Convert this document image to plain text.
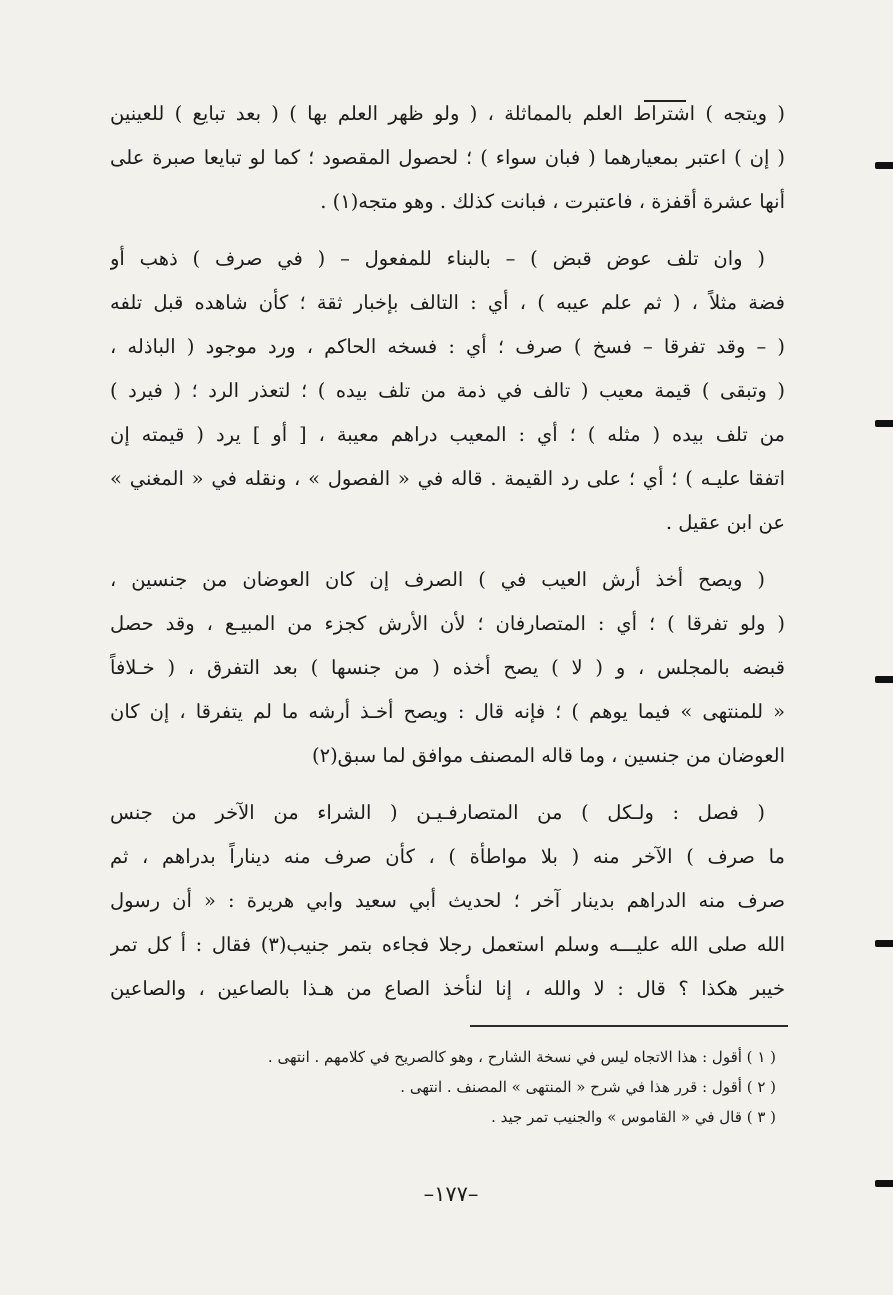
( ويتجه ) اشتراط العلم بالمماثلة ، ( ولو ظهر العلم بها ) ( بعد تبايع ) للعينين
( إن ) اعتبر بمعيارهما ( فبان سواء ) ؛ لحصول المقصود ؛ كما لو تبايعا صبرة على
أنها عشرة أقفزة ، فاعتبرت ، فبانت كذلك . وهو متجه(١) .
( وان تلف عوض قبض ) – بالبناء للمفعول – ( في صرف ) ذهب أو
فضة مثلاً ، ( ثم علم عيبه ) ، أي : التالف بإخبار ثقة ؛ كأن شاهده قبل تلفه
( – وقد تفرقا – فسخ ) صرف ؛ أي : فسخه الحاكم ، ورد موجود ( الباذله ،
( وتبقى ) قيمة معيب ( تالف في ذمة من تلف بيده ) ؛ لتعذر الرد ؛ ( فيرد )
من تلف بيده ( مثله ) ؛ أي : المعيب دراهم معيبة ، [ أو ] يرد ( قيمته إن
اتفقا عليـه ) ؛ أي ؛ على رد القيمة . قاله في « الفصول » ، ونقله في « المغني »
عن ابن عقيل .
( ويصح أخذ أرش العيب في ) الصرف إن كان العوضان من جنسين ،
( ولو تفرقا ) ؛ أي : المتصارفان ؛ لأن الأرش كجزء من المبيـع ، وقد حصل
قبضه بالمجلس ، و ( لا ) يصح أخذه ( من جنسها ) بعد التفرق ، ( خـلافاً
« للمنتهى » فيما يوهم ) ؛ فإنه قال : ويصح أخـذ أرشه ما لم يتفرقا ، إن كان
العوضان من جنسين ، وما قاله المصنف موافق لما سبق(٢)
( فصل : ولـكل ) من المتصارفـيـن ( الشراء من الآخر من جنس
ما صرف ) الآخر منه ( بلا مواطأة ) ، كأن صرف منه ديناراً بدراهم ، ثم
صرف منه الدراهم بدينار آخر ؛ لحديث أبي سعيد وابي هريرة : « أن رسول
الله صلى الله عليـــه وسلم استعمل رجلا فجاءه بتمر جنيب(٣) فقال : أ كل تمر
خيبر هكذا ؟ قال : لا والله ، إنا لنأخذ الصاع من هـذا بالصاعين ، والصاعين
( ١ ) أقول : هذا الاتجاه ليس في نسخة الشارح ، وهو كالصريح في كلامهم . انتهى .
( ٢ ) أقول : قرر هذا في شرح « المنتهى » المصنف . انتهى .
( ٣ ) قال في « القاموس » والجنيب تمر جيد .
–١٧٧–
